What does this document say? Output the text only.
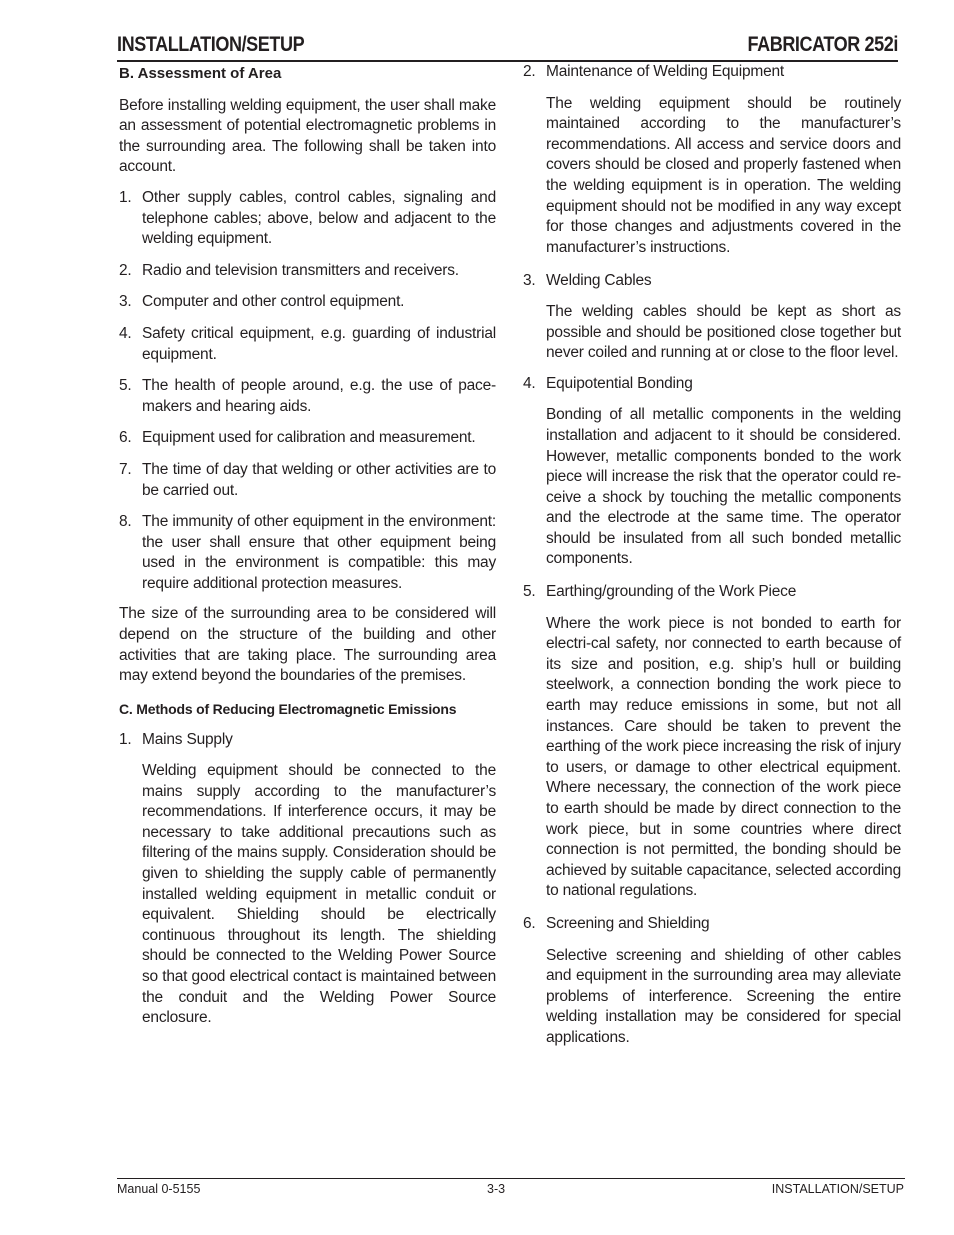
INSTALLATION/SETUP	FABRICATOR 252i

B. Assessment of Area

Before installing welding equipment, the user shall make an assessment of potential electromagnetic problems in the surrounding area. The following shall be taken into account.

1. Other supply cables, control cables, signaling and telephone cables; above, below and adjacent to the welding equipment.
2. Radio and television transmitters and receivers.
3. Computer and other control equipment.
4. Safety critical equipment, e.g. guarding of industrial equipment.
5. The health of people around, e.g. the use of pace-makers and hearing aids.
6. Equipment used for calibration and measurement.
7. The time of day that welding or other activities are to be carried out.
8. The immunity of other equipment in the environment: the user shall ensure that other equipment being used in the environment is compatible: this may require additional protection measures.

The size of the surrounding area to be considered will depend on the structure of the building and other activities that are taking place. The surrounding area may extend beyond the boundaries of the premises.

C. Methods of Reducing Electromagnetic Emissions

1. Mains Supply

Welding equipment should be connected to the mains supply according to the manufacturer’s recommendations. If interference occurs, it may be necessary to take additional precautions such as filtering of the mains supply. Consideration should be given to shielding the supply cable of permanently installed welding equipment in metallic conduit or equivalent. Shielding should be electrically continuous throughout its length. The shielding should be connected to the Welding Power Source so that good electrical contact is maintained between the conduit and the Welding Power Source enclosure.

2. Maintenance of Welding Equipment

The welding equipment should be routinely maintained according to the manufacturer’s recommendations. All access and service doors and covers should be closed and properly fastened when the welding equipment is in operation. The welding equipment should not be modified in any way except for those changes and adjustments covered in the manufacturer’s instructions.

3. Welding Cables

The welding cables should be kept as short as possible and should be positioned close together but never coiled and running at or close to the floor level.

4. Equipotential Bonding

Bonding of all metallic components in the welding installation and adjacent to it should be considered. However, metallic components bonded to the work piece will increase the risk that the operator could re-ceive a shock by touching the metallic components and the electrode at the same time. The operator should be insulated from all such bonded metallic components.

5. Earthing/grounding of the Work Piece

Where the work piece is not bonded to earth for electri-cal safety, nor connected to earth because of its size and position, e.g. ship’s hull or building steelwork, a connection bonding the work piece to earth may reduce emissions in some, but not all instances. Care should be taken to prevent the earthing of the work piece increasing the risk of injury to users, or damage to other electrical equipment. Where necessary, the connection of the work piece to earth should be made by direct connection to the work piece, but in some countries where direct connection is not permitted, the bonding should be achieved by suitable capacitance, selected according to national regulations.

6. Screening and Shielding

Selective screening and shielding of other cables and equipment in the surrounding area may alleviate problems of interference. Screening the entire welding installation may be considered for special applications.

Manual 0-5155	3-3	INSTALLATION/SETUP
